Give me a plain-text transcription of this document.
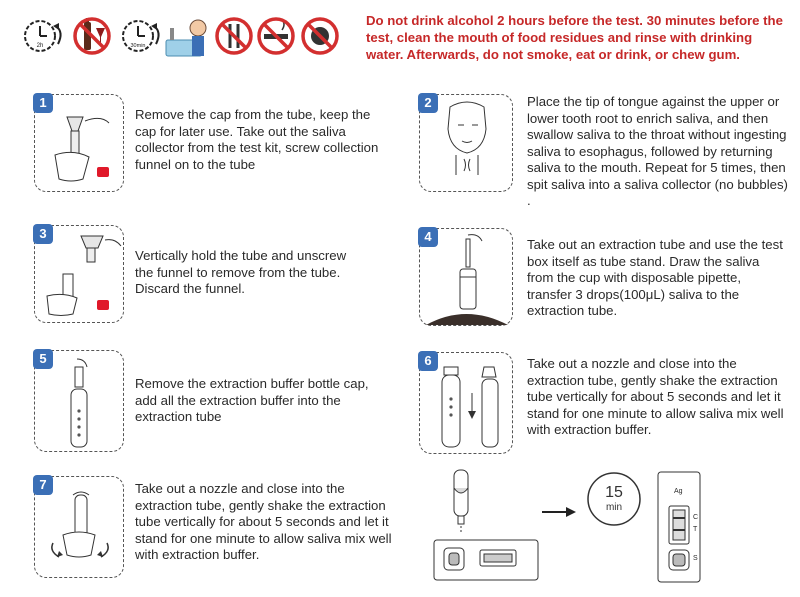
2h	30min
Do not drink alcohol 2 hours before the test. 30 minutes before the test, clean the mouth of food residues and rinse with drinking water. Afterwards, do not smoke, eat or drink, or chew gum.
1
Remove the cap from the tube, keep the cap for later use. Take out the saliva collector from the test kit, screw collection funnel on to the tube
2	Place the tip of tongue against the upper or lower tooth root to enrich saliva, and then swallow saliva to the throat without ingesting saliva to esophagus, followed by returning saliva to the mouth. Repeat for 5 times, then spit saliva into a saliva collector (no bubbles) .
3
Vertically hold the tube and unscrew the funnel to remove from the tube. Discard the funnel.
4
Take out an extraction tube and use the test box itself as tube stand. Draw the saliva from the cup with disposable pipette, transfer 3 drops(100μL) saliva to the extraction tube.
5
Remove the extraction buffer bottle cap, add all the extraction buffer into the extraction tube
6	Take out a nozzle and close into the extraction tube, gently shake the extraction tube vertically for about 5 seconds and let it stand for one minute to allow saliva mix well with extraction buffer.
7	Take out a nozzle and close into the extraction tube, gently shake the extraction tube vertically for about 5 seconds and let it stand for one minute to allow saliva mix well with extraction buffer.
15
min
Ag
C
T
S
